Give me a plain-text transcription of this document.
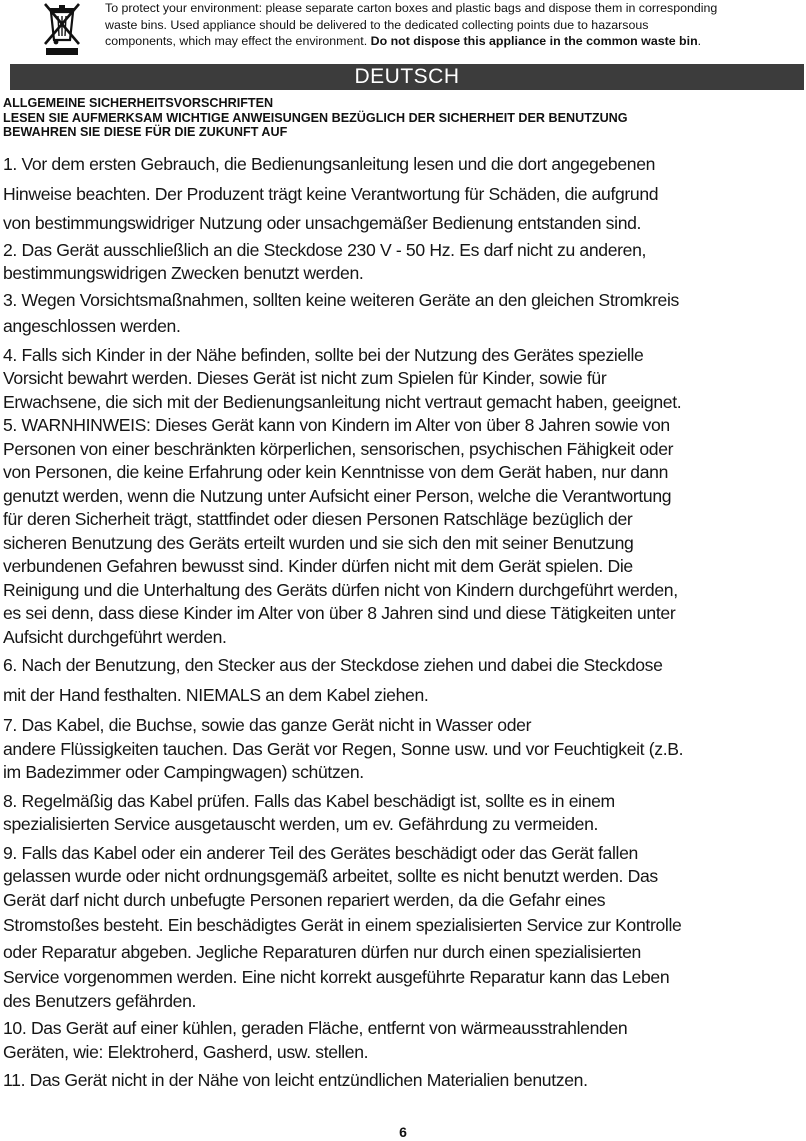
To protect your environment: please separate carton boxes and plastic bags and dispose them in corresponding
waste bins. Used appliance should be delivered to the dedicated collecting points due to hazarsous
components, which may effect the environment. Do not dispose this appliance in the common waste bin.
DEUTSCH
ALLGEMEINE SICHERHEITSVORSCHRIFTEN
LESEN SIE AUFMERKSAM WICHTIGE ANWEISUNGEN BEZÜGLICH DER SICHERHEIT DER BENUTZUNG
BEWAHREN SIE DIESE FÜR DIE ZUKUNFT AUF
1. Vor dem ersten Gebrauch, die Bedienungsanleitung lesen und die dort angegebenen
Hinweise beachten. Der Produzent trägt keine Verantwortung für Schäden, die aufgrund
von bestimmungswidriger Nutzung oder unsachgemäßer Bedienung entstanden sind.
2. Das Gerät ausschließlich an die Steckdose 230 V - 50 Hz. Es darf nicht zu anderen,
bestimmungswidrigen Zwecken benutzt werden.
3. Wegen Vorsichtsmaßnahmen, sollten keine weiteren Geräte an den gleichen Stromkreis
angeschlossen werden.
4. Falls sich Kinder in der Nähe befinden, sollte bei der Nutzung des Gerätes spezielle
Vorsicht bewahrt werden. Dieses Gerät ist nicht zum Spielen für Kinder, sowie für
Erwachsene, die sich mit der Bedienungsanleitung nicht vertraut gemacht haben, geeignet.
5. WARNHINWEIS: Dieses Gerät kann von Kindern im Alter von über 8 Jahren sowie von
Personen von einer beschränkten körperlichen, sensorischen, psychischen Fähigkeit oder
von Personen, die keine Erfahrung oder kein Kenntnisse von dem Gerät haben, nur dann
genutzt werden, wenn die Nutzung unter Aufsicht einer Person, welche die Verantwortung
für deren Sicherheit trägt, stattfindet oder diesen Personen Ratschläge bezüglich der
sicheren Benutzung des Geräts erteilt wurden und sie sich den mit seiner Benutzung
verbundenen Gefahren bewusst sind. Kinder dürfen nicht mit dem Gerät spielen. Die
Reinigung und die Unterhaltung des Geräts dürfen nicht von Kindern durchgeführt werden,
es sei denn, dass diese Kinder im Alter von über 8 Jahren sind und diese Tätigkeiten unter
Aufsicht durchgeführt werden.
6. Nach der Benutzung, den Stecker aus der Steckdose ziehen und dabei die Steckdose
mit der Hand festhalten. NIEMALS an dem Kabel ziehen.
7. Das Kabel, die Buchse, sowie das ganze Gerät nicht in Wasser oder
andere Flüssigkeiten tauchen. Das Gerät vor Regen, Sonne usw. und vor Feuchtigkeit (z.B.
im Badezimmer oder Campingwagen) schützen.
8. Regelmäßig das Kabel prüfen. Falls das Kabel beschädigt ist, sollte es in einem
spezialisierten Service ausgetauscht werden, um ev. Gefährdung zu vermeiden.
9. Falls das Kabel oder ein anderer Teil des Gerätes beschädigt oder das Gerät fallen
gelassen wurde oder nicht ordnungsgemäß arbeitet, sollte es nicht benutzt werden. Das
Gerät darf nicht durch unbefugte Personen repariert werden, da die Gefahr eines
Stromstoßes besteht. Ein beschädigtes Gerät in einem spezialisierten Service zur Kontrolle
oder Reparatur abgeben. Jegliche Reparaturen dürfen nur durch einen spezialisierten
Service vorgenommen werden. Eine nicht korrekt ausgeführte Reparatur kann das Leben
des Benutzers gefährden.
10. Das Gerät auf einer kühlen, geraden Fläche, entfernt von wärmeausstrahlenden
Geräten, wie: Elektroherd, Gasherd, usw. stellen.
11. Das Gerät nicht in der Nähe von leicht entzündlichen Materialien benutzen.
6
